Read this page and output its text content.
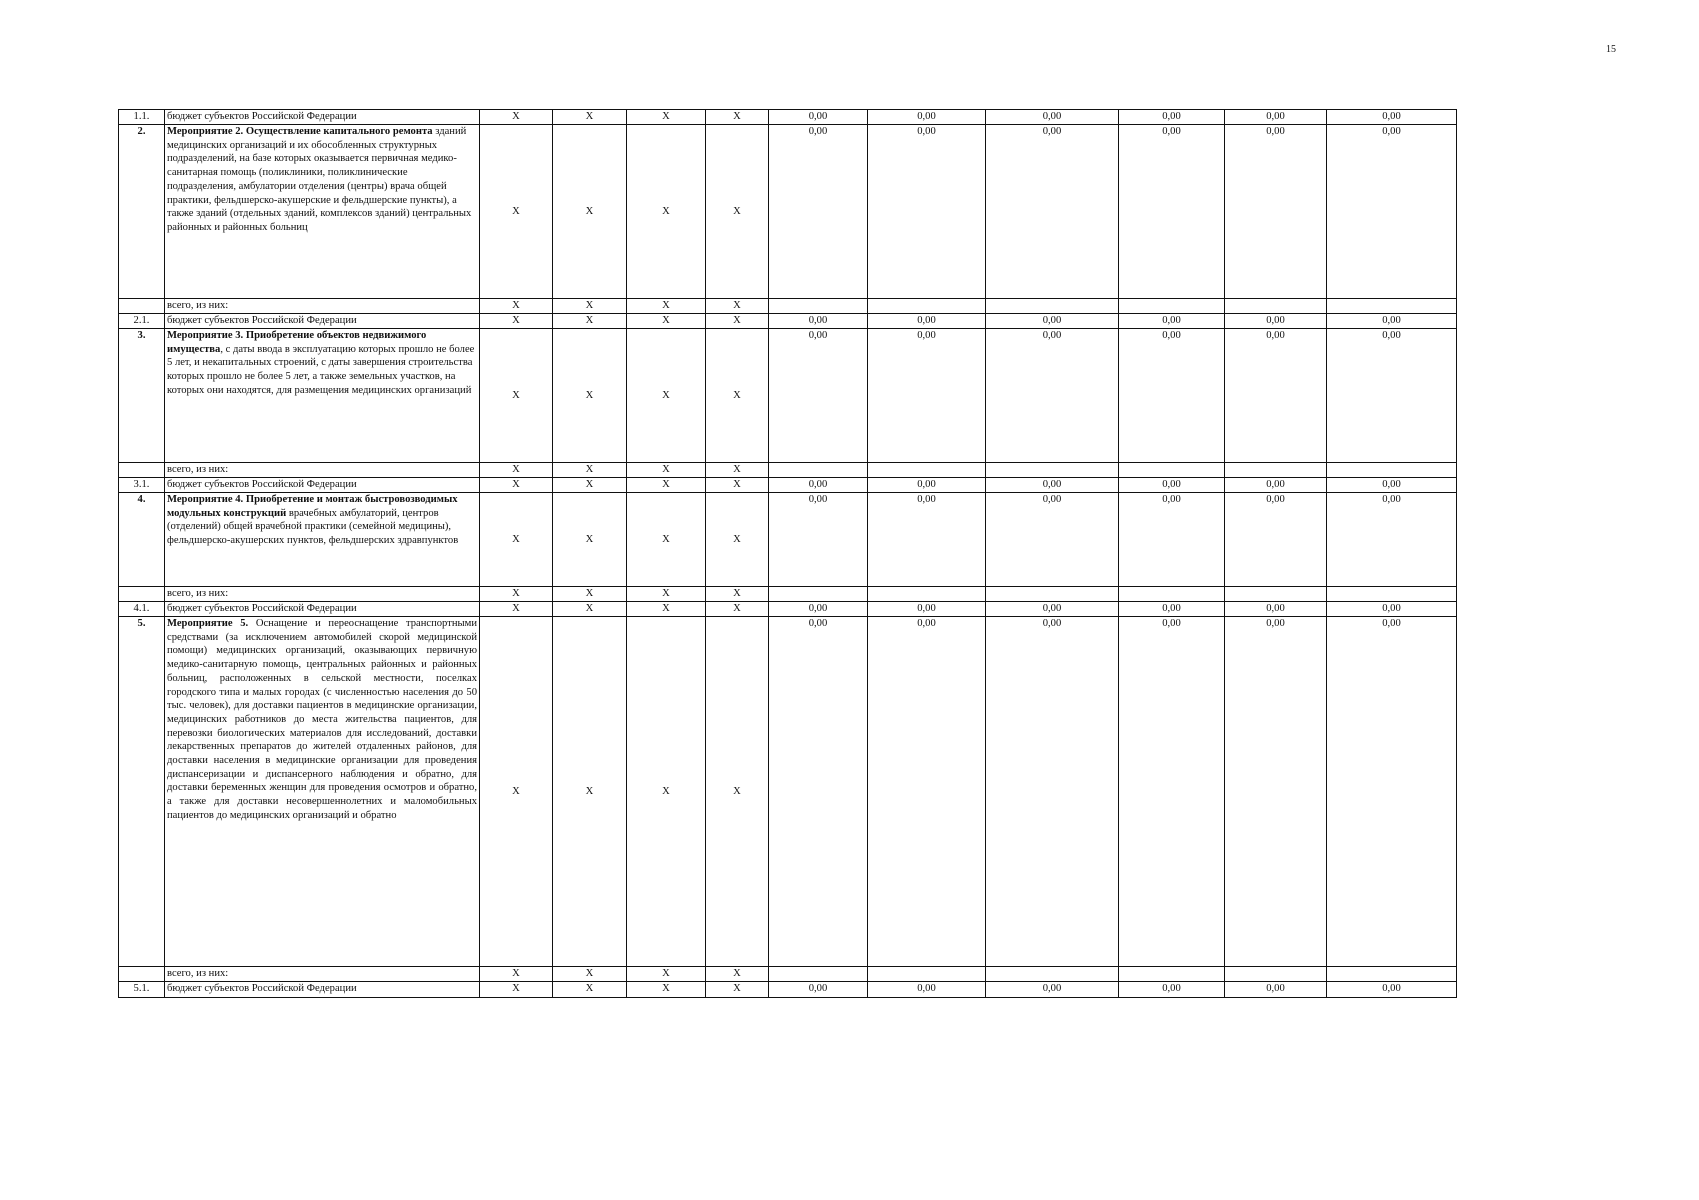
15
1.1.	бюджет субъектов Российской Федерации	X	X	X	X	0,00	0,00	0,00	0,00	0,00	0,00
2.	Мероприятие 2. Осуществление капитального ремонта зданий медицинских организаций и их обособленных структурных подразделений, на базе которых оказывается первичная медико-санитарная помощь (поликлиники, поликлинические подразделения, амбулатории отделения (центры) врача общей практики, фельдшерско-акушерские и фельдшерские пункты), а также зданий (отдельных зданий, комплексов зданий) центральных районных и районных больниц	X	X	X	X	0,00	0,00	0,00	0,00	0,00	0,00
	всего, из них:	X	X	X	X						
2.1.	бюджет субъектов Российской Федерации	X	X	X	X	0,00	0,00	0,00	0,00	0,00	0,00
3.	Мероприятие 3. Приобретение объектов недвижимого имущества, с даты ввода в эксплуатацию которых прошло не более 5 лет, и некапитальных строений, с даты завершения строительства которых прошло не более 5 лет, а также земельных участков, на которых они находятся, для размещения медицинских организаций	X	X	X	X	0,00	0,00	0,00	0,00	0,00	0,00
	всего, из них:	X	X	X	X						
3.1.	бюджет субъектов Российской Федерации	X	X	X	X	0,00	0,00	0,00	0,00	0,00	0,00
4.	Мероприятие 4. Приобретение и монтаж быстровозводимых модульных конструкций врачебных амбулаторий, центров (отделений) общей врачебной практики (семейной медицины), фельдшерско-акушерских пунктов, фельдшерских здравпунктов	X	X	X	X	0,00	0,00	0,00	0,00	0,00	0,00
	всего, из них:	X	X	X	X						
4.1.	бюджет субъектов Российской Федерации	X	X	X	X	0,00	0,00	0,00	0,00	0,00	0,00
5.	Мероприятие 5. Оснащение и переоснащение транспортными средствами (за исключением автомобилей скорой медицинской помощи) медицинских организаций, оказывающих первичную медико-санитарную помощь, центральных районных и районных больниц, расположенных в сельской местности, поселках городского типа и малых городах (с численностью населения до 50 тыс. человек), для доставки пациентов в медицинские организации, медицинских работников до места жительства пациентов, для перевозки биологических материалов для исследований, доставки лекарственных препаратов до жителей отдаленных районов, для доставки населения в медицинские организации для проведения диспансеризации и диспансерного наблюдения и обратно, для доставки беременных женщин для проведения осмотров и обратно, а также для доставки несовершеннолетних и маломобильных пациентов до медицинских организаций и обратно	X	X	X	X	0,00	0,00	0,00	0,00	0,00	0,00
	всего, из них:	X	X	X	X						
5.1.	бюджет субъектов Российской Федерации	X	X	X	X	0,00	0,00	0,00	0,00	0,00	0,00
